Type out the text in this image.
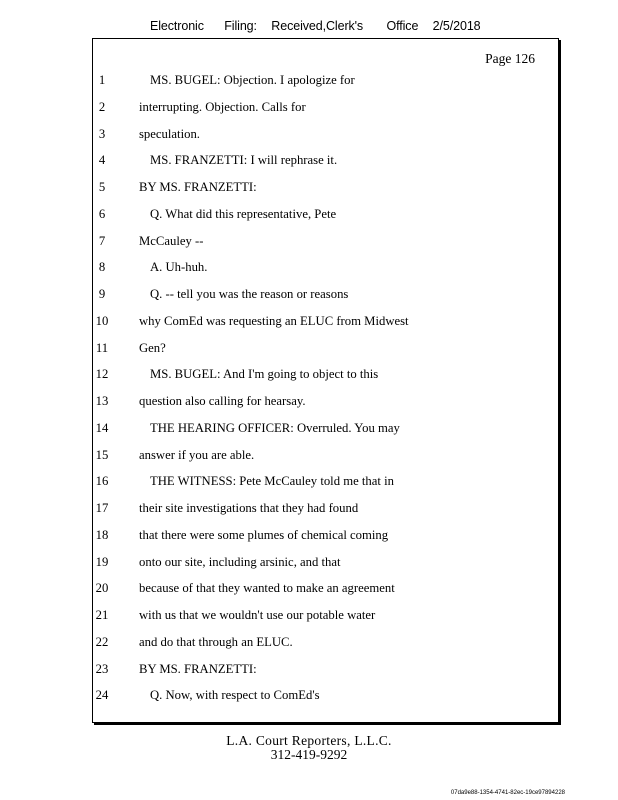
Electronic Filing: Received,Clerk's Office 2/5/2018
Page 126
1	MS. BUGEL: Objection. I apologize for
2	interrupting. Objection. Calls for
3	speculation.
4	MS. FRANZETTI: I will rephrase it.
5	BY MS. FRANZETTI:
6	Q. What did this representative, Pete
7	McCauley --
8	A. Uh-huh.
9	Q. -- tell you was the reason or reasons
10	why ComEd was requesting an ELUC from Midwest
11	Gen?
12	MS. BUGEL: And I'm going to object to this
13	question also calling for hearsay.
14	THE HEARING OFFICER: Overruled. You may
15	answer if you are able.
16	THE WITNESS: Pete McCauley told me that in
17	their site investigations that they had found
18	that there were some plumes of chemical coming
19	onto our site, including arsinic, and that
20	because of that they wanted to make an agreement
21	with us that we wouldn't use our potable water
22	and do that through an ELUC.
23	BY MS. FRANZETTI:
24	Q. Now, with respect to ComEd's
L.A. Court Reporters, L.L.C.
312-419-9292
07da9e88-1354-4741-82ec-19ce97894228
